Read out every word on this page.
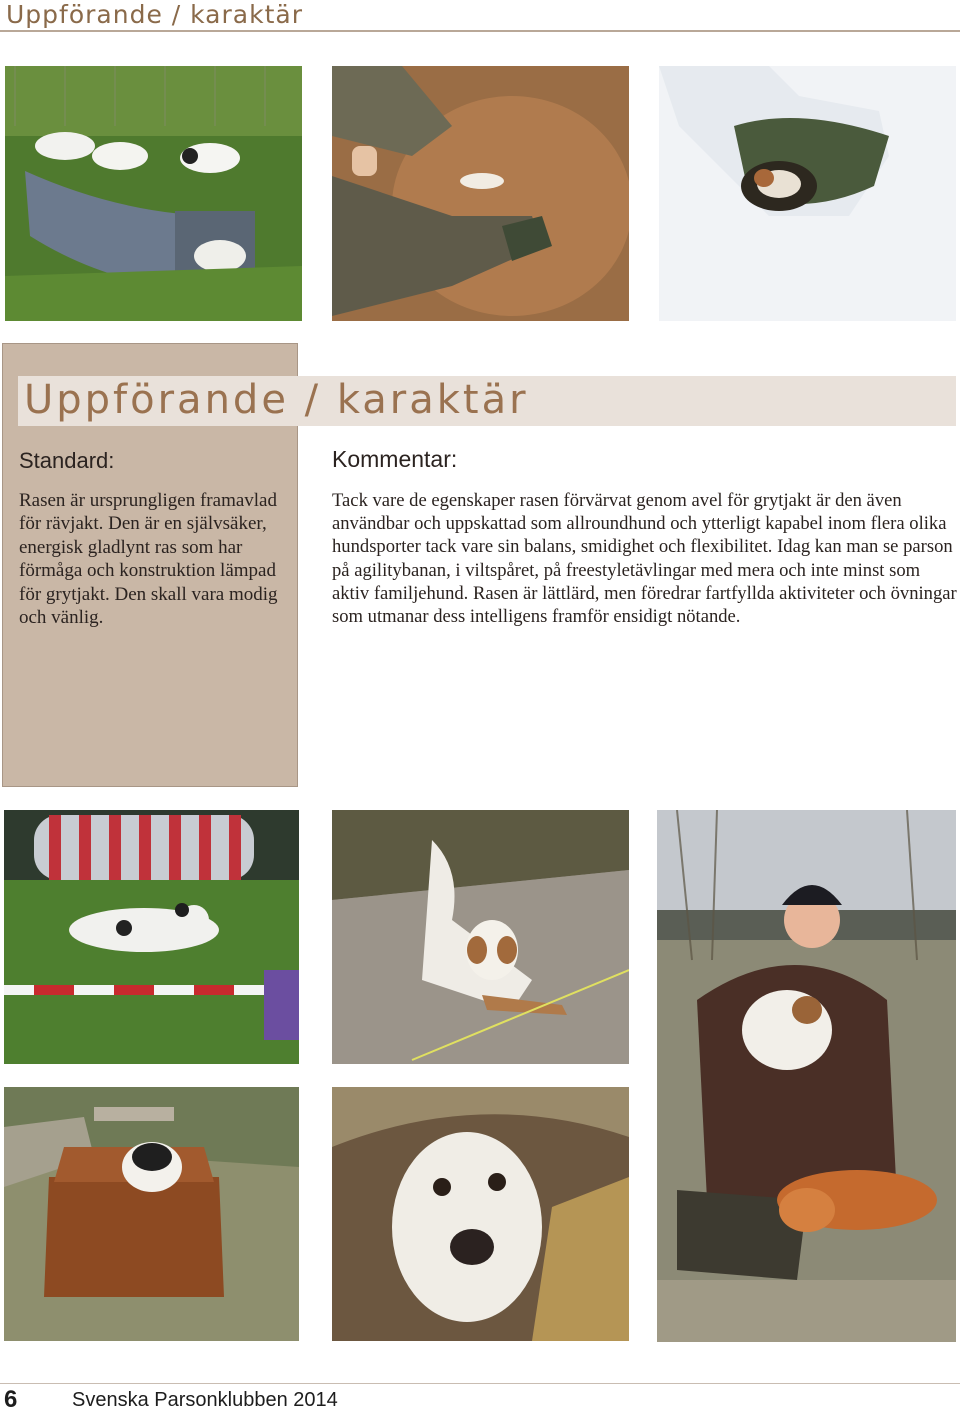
Uppförande / karaktär
Uppförande / karaktär
Standard:
Rasen är ursprungligen framavlad för rävjakt. Den är en självsäker, energisk gladlynt ras som har förmåga och konstruktion lämpad för grytjakt. Den skall vara modig och vänlig.
Kommentar:
Tack vare de egenskaper rasen förvärvat genom avel för grytjakt är den även användbar och uppskattad som allroundhund och ytterligt kapabel inom flera olika hundsporter tack vare sin balans, smidighet och flexibilitet. Idag kan man se parson på agilitybanan, i viltspåret, på freestyletävlingar med mera och inte minst som aktiv familjehund. Rasen är lättlärd, men föredrar fartfyllda aktiviteter och övningar som utmanar dess intelligens framför ensidigt nötande.
6	Svenska Parsonklubben 2014
